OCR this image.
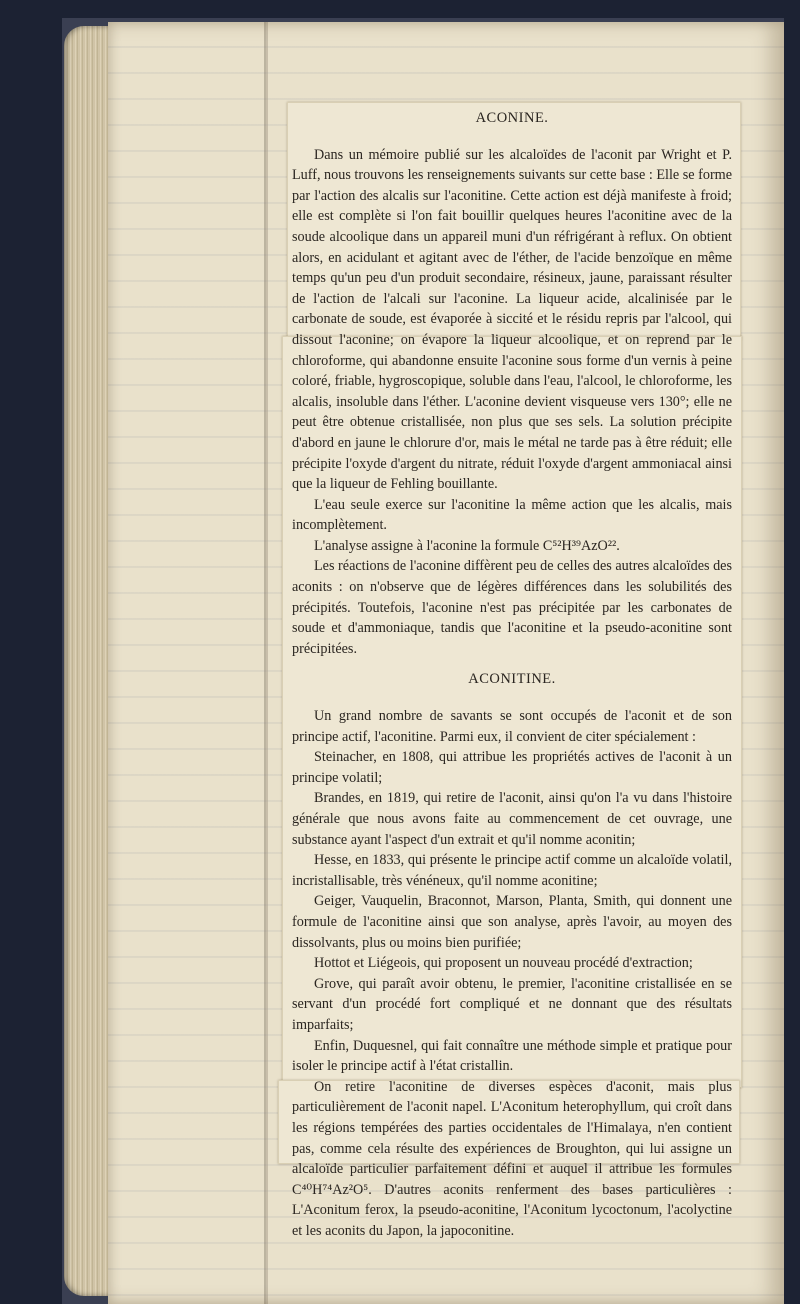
ACONINE.

Dans un mémoire publié sur les alcaloïdes de l'aconit par Wright et P. Luff, nous trouvons les renseignements suivants sur cette base : Elle se forme par l'action des alcalis sur l'aconitine. Cette action est déjà manifeste à froid; elle est complète si l'on fait bouillir quelques heures l'aconitine avec de la soude alcoolique dans un appareil muni d'un réfrigérant à reflux. On obtient alors, en acidulant et agitant avec de l'éther, de l'acide benzoïque en même temps qu'un peu d'un produit secondaire, résineux, jaune, paraissant résulter de l'action de l'alcali sur l'aconine. La liqueur acide, alcalinisée par le carbonate de soude, est évaporée à siccité et le résidu repris par l'alcool, qui dissout l'aconine; on évapore la liqueur alcoolique, et on reprend par le chloroforme, qui abandonne ensuite l'aconine sous forme d'un vernis à peine coloré, friable, hygroscopique, soluble dans l'eau, l'alcool, le chloroforme, les alcalis, insoluble dans l'éther. L'aconine devient visqueuse vers 130°; elle ne peut être obtenue cristallisée, non plus que ses sels. La solution précipite d'abord en jaune le chlorure d'or, mais le métal ne tarde pas à être réduit; elle précipite l'oxyde d'argent du nitrate, réduit l'oxyde d'argent ammoniacal ainsi que la liqueur de Fehling bouillante.

L'eau seule exerce sur l'aconitine la même action que les alcalis, mais incomplètement.

L'analyse assigne à l'aconine la formule C⁵²H³⁹AzO²².

Les réactions de l'aconine diffèrent peu de celles des autres alcaloïdes des aconits : on n'observe que de légères différences dans les solubilités des précipités. Toutefois, l'aconine n'est pas précipitée par les carbonates de soude et d'ammoniaque, tandis que l'aconitine et la pseudo-aconitine sont précipitées.

ACONITINE.

Un grand nombre de savants se sont occupés de l'aconit et de son principe actif, l'aconitine. Parmi eux, il convient de citer spécialement :

Steinacher, en 1808, qui attribue les propriétés actives de l'aconit à un principe volatil;

Brandes, en 1819, qui retire de l'aconit, ainsi qu'on l'a vu dans l'histoire générale que nous avons faite au commencement de cet ouvrage, une substance ayant l'aspect d'un extrait et qu'il nomme aconitin;

Hesse, en 1833, qui présente le principe actif comme un alcaloïde volatil, incristallisable, très vénéneux, qu'il nomme aconitine;

Geiger, Vauquelin, Braconnot, Marson, Planta, Smith, qui donnent une formule de l'aconitine ainsi que son analyse, après l'avoir, au moyen des dissolvants, plus ou moins bien purifiée;

Hottot et Liégeois, qui proposent un nouveau procédé d'extraction;

Grove, qui paraît avoir obtenu, le premier, l'aconitine cristallisée en se servant d'un procédé fort compliqué et ne donnant que des résultats imparfaits;

Enfin, Duquesnel, qui fait connaître une méthode simple et pratique pour isoler le principe actif à l'état cristallin.

On retire l'aconitine de diverses espèces d'aconit, mais plus particulièrement de l'aconit napel. L'Aconitum heterophyllum, qui croît dans les régions tempérées des parties occidentales de l'Himalaya, n'en contient pas, comme cela résulte des expériences de Broughton, qui lui assigne un alcaloïde particulier parfaitement défini et auquel il attribue les formules C⁴⁰H⁷⁴Az²O⁵. D'autres aconits renferment des bases particulières : L'Aconitum ferox, la pseudo-aconitine, l'Aconitum lycoctonum, l'acolyctine et les aconits du Japon, la japoconitine.
